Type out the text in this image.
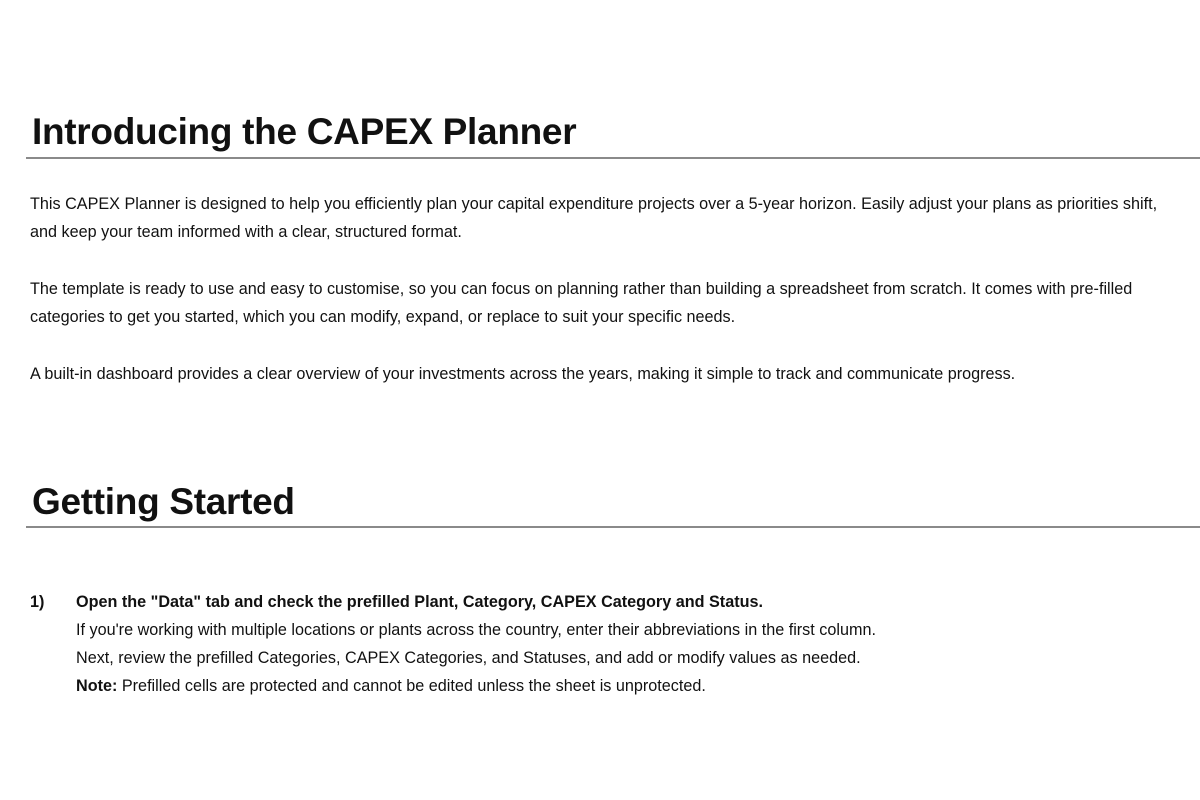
Introducing the CAPEX Planner

This CAPEX Planner is designed to help you efficiently plan your capital expenditure projects over a 5-year horizon. Easily adjust your plans as priorities shift, and keep your team informed with a clear, structured format.

The template is ready to use and easy to customise, so you can focus on planning rather than building a spreadsheet from scratch. It comes with pre-filled categories to get you started, which you can modify, expand, or replace to suit your specific needs.

A built-in dashboard provides a clear overview of your investments across the years, making it simple to track and communicate progress.

Getting Started
1) Open the "Data" tab and check the prefilled Plant, Category, CAPEX Category and Status.
If you're working with multiple locations or plants across the country, enter their abbreviations in the first column.
Next, review the prefilled Categories, CAPEX Categories, and Statuses, and add or modify values as needed.
Note: Prefilled cells are protected and cannot be edited unless the sheet is unprotected.
